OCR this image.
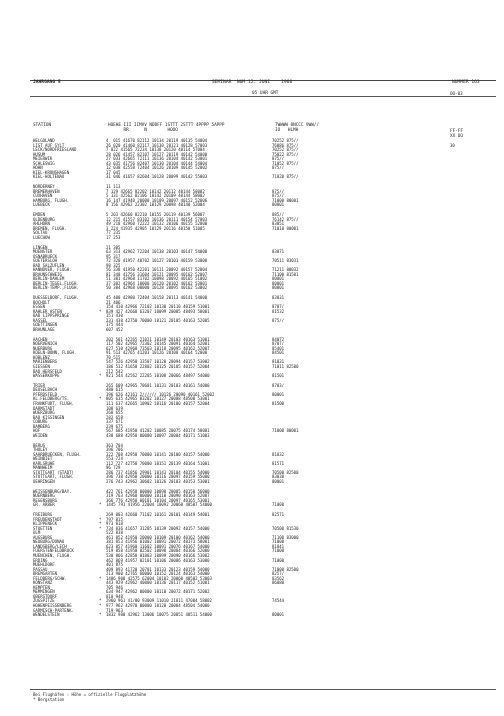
JAHRGANG 5	SEMINAR  NUM 12. JUNI    1960	NUMMER 163
05 UHR GMT	OO-03
STATION	HOEHE III IIMVV NDDFF 1STTT 2STTT 4PPPP 5APPP
RR      N        HOOO
7WWWW 8NCCC 9WW//
IO   HLMH	FF-FF
XX OO
HELGOLAND	4  015 41670 82112 10134 20119 40135 54004	70252 875//
LIST AUF SYLT	26 020 41460 82117 10130 20121 40128 57003	76086 875//	30
LECK/NORDFRIESLAND	7 022 41565 72234 10138 20120 40114 57004	70252 875//
HUSUM	28 026 41457 82107 10127 20119 40142 54000	75822 875//
MEIERWIK	27 033 42665 72111 10136 20104 40142 53001	875//
SCHLESWIG	43 035 41756 82407 10130 20104 40144 54004	71052 875//
HOHN	12 038 42558 72404 10126 20109 40145 52002	875//
KIEL-KRONSHAGEN	17 045
KIEL-HOLTENAU	31 046 41657 82604 10128 20099 40142 55003	71020 875//
NORDERNEY	11 113
BREMERHAVEN	7 129 42665 82202 10142 20112 40144 58002	875//
CUXHAVEN	5 131 42562 82106 10142 20109 40144 58002	875//
HAMBURG, FLUGH.	16 147 41940 20000 10109 20097 40152 52006	71000 80001
LUEBECK	8 156 42962 22302 10129 20098 40148 52004	80001
EMDEN	5 203 42660 82210 10155 20119 40139 56007	885//
OLDENBURG	12 215 41557 83102 10136 20111 40154 57003	76142 875//
AHLHORN	49 218 42960 72222 10132 20106 40155 52000	83051
BREMEN, FLUGH.	3 224 41935 42905 10129 20116 40150 51005	71010 80001
SOLTAU	77 235
LUECHOW	17 253
LINGEN	21 305
MUENSTER	63 313 42962 72204 10138 20103 40147 54000	83071
OSNABRUECK	95 317
GUETERSLOH	72 320 41957 40702 10127 20101 40159 53000	70511 83031
BAD SALZUFLEN	98 325
HANNOVER, FLUGH.	56 338 41950 42201 10111 20092 40157 52004	71211 80032
BRAUNSCHWEIG	81 348 41756 31604 10121 20095 40162 52007	71100 81501
BERLIN-DAHLEM	51 381 42968 11702 10098 20092 40165 51002	80001
BERLIN-TEGEL,FLUGH.	37 382 42964 10000 10120 20102 40162 53001	80001
BERLIN-TEMP.,FLUGH.	50 384 42968 00000 10128 20095 40162 53002	80001
DUESSELDORF, FLUGH.	45 400 42980 72404 10158 20113 40141 54000	83031
BOCHOLT	21 406
ESSEN	154 410 42966 72102 10138 20110 40159 51001	8707/
KAHLER ASTEN	* 839 427 42668 63207 10099 20085 48493 58001	81532
BAD LIPPSPRINGE	151 430
KASSEL	231 438 42758 70000 10121 20105 40163 52005	875//
GOETTINGEN	175 444
BRAUNLAGE	607 452
AACHEN	202 501 42265 21021 10149 20103 40163 51001	84072
NOERVENICH	117 502 42965 72302 10145 20091 40164 52001	8707/
NUERBURG	627 510 42960 73503 10118 20095 40162 52007	85401
KOELN-BONN, FLUGH.	91 513 42765 41203 10126 20108 40164 52000	84501
KOBLENZ	70 515
MARIENBERG	547 526 42958 33507 10120 20094 40157 53002	81031
GIESSEN	186 532 41650 22802 10125 20105 40157 52004	71011 82500
BAD HERSFELD	212 542
WASSERKUPPE	* 921 544 42562 22205 10108 20066 48497 54000	81501
TRIER	265 609 42965 70601 10131 20103 40161 54000	8703/
DEUSELBACH	480 615
PFERDSFELD	396 626 42161 2////// 10126 20090 40161 52002	80001
KL.FELDBERG/TS.	* 805 635 42965 03202 10127 20088 48500 53001
FRANKFURT, FLUGH.	111 637 42665 10902 10116 20100 40157 52004	81500
DARMSTADT	108 639
WUERZBURG	268 655
BAD KISSINGEN	282 658
COBURG	337 671
BAMBERG	239 675
HOF	567 685 41950 41202 10085 20075 40174 58001	71000 80001
WEIDEN	438 688 42958 00000 10097 20084 40171 51003
BERUS	363 704
THOLEY	396 706
SAARBRUECKEN, FLUGH.	322 708 42958 70000 10141 20100 40157 54000	81032
WEINBIET	553 724
KARLSRUHE	112 727 42758 70000 10151 20139 40164 51001	81571
MANNHEIM	96 729
STUTTGART (STADT)	286 737 41856 29901 10143 20104 40155 54000	70500 82500
STUTTGART, FLUGH.	396 738 42958 20000 10116 20097 40159 55000	83030
OEHRINGEN	276 743 42962 30602 10126 20103 40153 53001	80001
WEISSENBURG/BAY.	422 761 42958 00000 10098 20085 40158 56000
NUERNBERG	319 763 42960 00000 10110 20090 40163 52007
REGENSBURG	366 776 42958 00101 10104 20097 40165 53001
GR. ARBER	* 1445 791 41956 22004 10092 20060 48507 54000	71000
FREIBURG	269 803 42660 71102 10161 20101 40149 54001	82571
FREUDENSTADT	* 797 815
KLIPPENECK	* 973 818
STOETTEN	* 734 836 41657 31205 10139 20092 40157 54000	70500 81530
ULM	522 838
AUGSBURG	461 852 41950 20000 10109 20100 40162 54000	71100 83000
NEUBURG/DONAU	381 853 41956 01002 10091 20072 40173 58001	71000
LANDSBERG/LECH	623 857 41960 11602 10091 20076 40167 54000	81041
FUERSTENFELDBRUCK	519 858 41950 02502 10098 20084 40166 52000	71000
MUENCHEN, FLUGH.	530 866 42858 01803 10099 20090 40166 53002
ERDING	462 869 41957 02101 10106 20086 40163 53000	71000
MUEHLDORF	401 875
PASSAU	409 893 41720 20701 10133 20123 40159 54000	71000 82500
BREMGARTEN	213 900 42765 60000 10152 20124 40163 54000	8257/
FELDBERG/SCHW.	* 1486 908 42575 62004 10102 20060 48502 53003	83562
KONSTANZ	443 929 42962 40000 10136 20117 40152 51001	86080
KEMPTEN	705 946
MEMMINGEN	634 947 42962 00000 10110 20072 40171 52002
OBERSTDORF	810 948
ZUGSPITZE	* 2960 961 41/00 93009 11010 21011 47084 58002	74544
HOHENPEISSENBERG	* 977 962 42970 00000 10128 20084 48504 54000
GARMISCH-PARTENK.	719 963
WENDELSTEIN	* 1832 980 42962 13006 10075 20051 48511 54000	80001
Bei Flughäfen : Höhe = offizielle Flugplatzhöhe
* Bergstation
